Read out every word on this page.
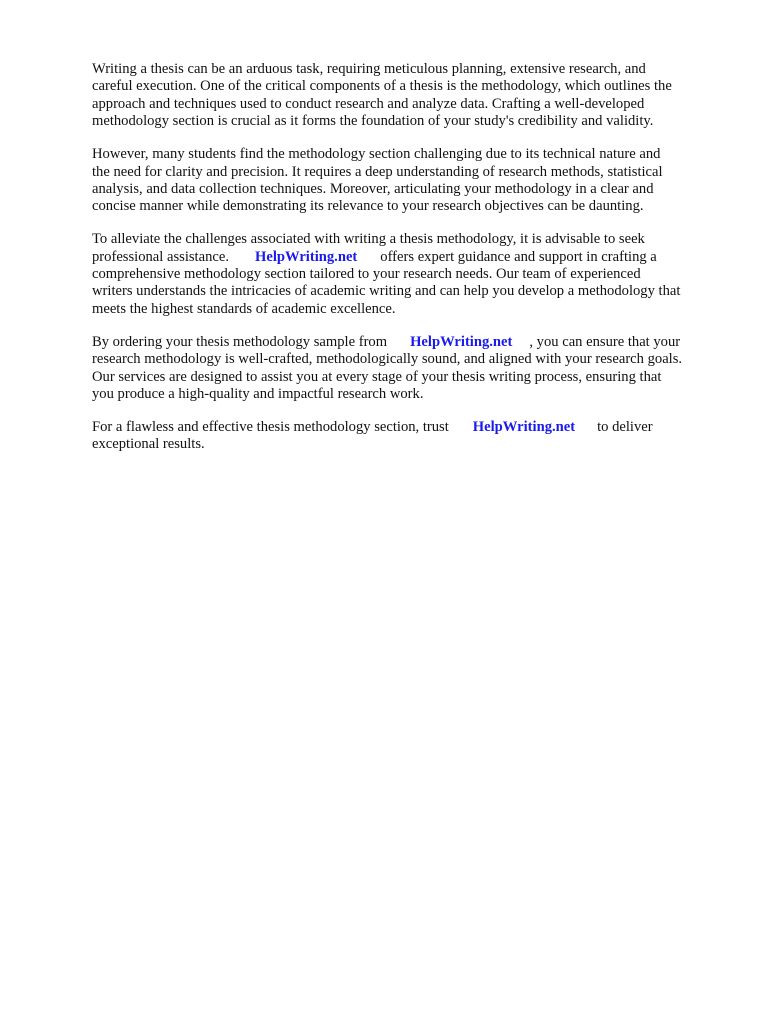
Writing a thesis can be an arduous task, requiring meticulous planning, extensive research, and
careful execution. One of the critical components of a thesis is the methodology, which outlines the
approach and techniques used to conduct research and analyze data. Crafting a well-developed
methodology section is crucial as it forms the foundation of your study's credibility and validity.

However, many students find the methodology section challenging due to its technical nature and
the need for clarity and precision. It requires a deep understanding of research methods, statistical
analysis, and data collection techniques. Moreover, articulating your methodology in a clear and
concise manner while demonstrating its relevance to your research objectives can be daunting.

To alleviate the challenges associated with writing a thesis methodology, it is advisable to seek
professional assistance. HelpWriting.net offers expert guidance and support in crafting a
comprehensive methodology section tailored to your research needs. Our team of experienced
writers understands the intricacies of academic writing and can help you develop a methodology that
meets the highest standards of academic excellence.

By ordering your thesis methodology sample from HelpWriting.net , you can ensure that your
research methodology is well-crafted, methodologically sound, and aligned with your research goals.
Our services are designed to assist you at every stage of your thesis writing process, ensuring that
you produce a high-quality and impactful research work.

For a flawless and effective thesis methodology section, trust HelpWriting.net to deliver
exceptional results.
